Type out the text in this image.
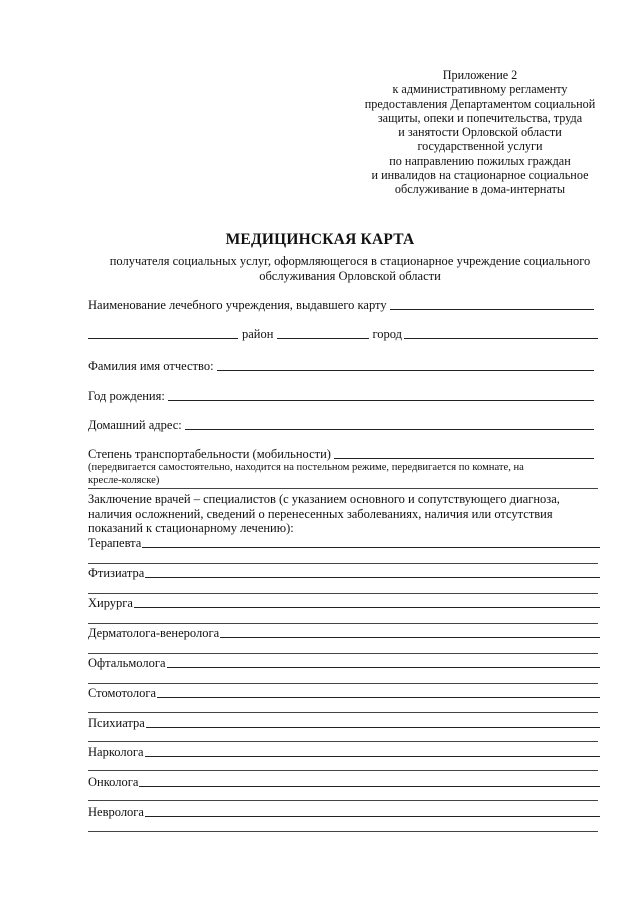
Приложение 2
к административному регламенту
предоставления Департаментом социальной
защиты, опеки и попечительства, труда
и занятости Орловской области
государственной услуги
по направлению пожилых граждан
и инвалидов на стационарное социальное
обслуживание в дома-интернаты
МЕДИЦИНСКАЯ КАРТА
получателя социальных услуг, оформляющегося в стационарное учреждение социального
обслуживания Орловской области
Наименование лечебного учреждения, выдавшего карту
район	город
Фамилия имя отчество:
Год рождения:
Домашний адрес:
Степень транспортабельности (мобильности)
(передвигается самостоятельно, находится на постельном режиме, передвигается по комнате, на
кресле-коляске)
Заключение врачей – специалистов (с указанием основного и сопутствующего диагноза,
наличия осложнений, сведений о перенесенных заболеваниях, наличия или отсутствия
показаний к стационарному лечению):
Терапевта
Фтизиатра
Хирурга
Дерматолога-венеролога
Офтальмолога
Стомотолога
Психиатра
Нарколога
Онколога
Невролога
